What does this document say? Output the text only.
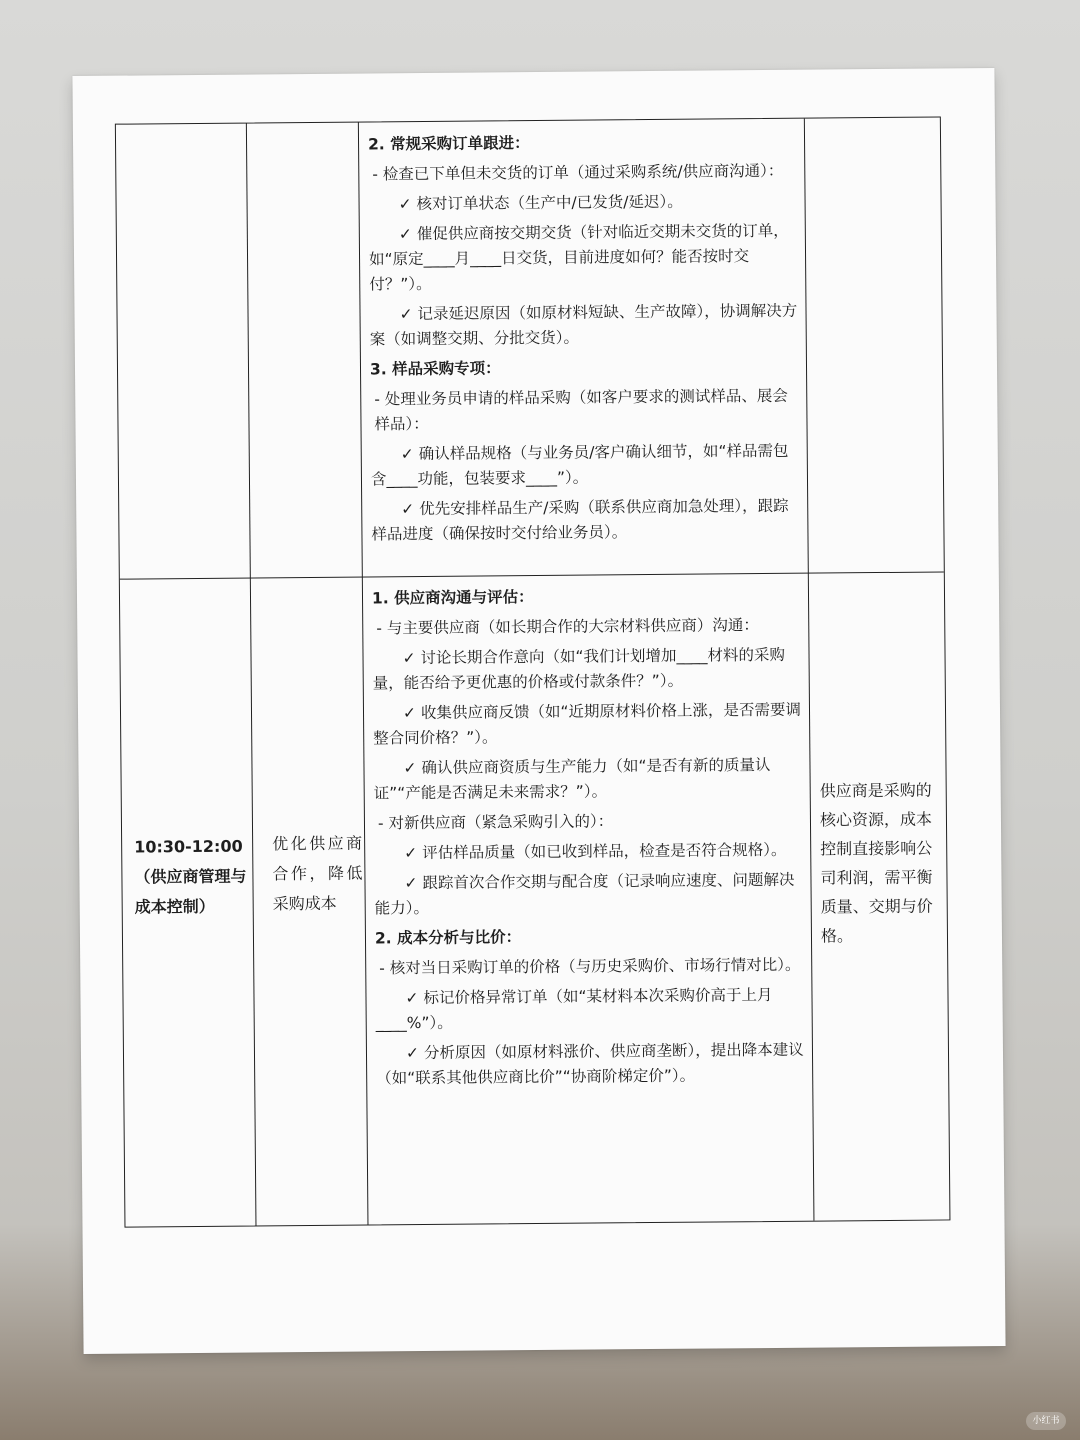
2. 常规采购订单跟进：

- 检查已下单但未交货的订单（通过采购系统/供应商沟通）：

✓ 核对订单状态（生产中/已发货/延迟）。

✓ 催促供应商按交期交货（针对临近交期未交货的订单，如“原定____月____日交货，目前进度如何？能否按时交付？”）。

✓ 记录延迟原因（如原材料短缺、生产故障），协调解决方案（如调整交期、分批交货）。

3. 样品采购专项：

- 处理业务员申请的样品采购（如客户要求的测试样品、展会样品）：

✓ 确认样品规格（与业务员/客户确认细节，如“样品需包含____功能，包装要求____”）。

✓ 优先安排样品生产/采购（联系供应商加急处理），跟踪样品进度（确保按时交付给业务员）。

10:30-12:00
（供应商管理与成本控制）
优化供应商合作，降低采购成本

1. 供应商沟通与评估：

- 与主要供应商（如长期合作的大宗材料供应商）沟通：

✓ 讨论长期合作意向（如“我们计划增加____材料的采购量，能否给予更优惠的价格或付款条件？”）。

✓ 收集供应商反馈（如“近期原材料价格上涨，是否需要调整合同价格？”）。

✓ 确认供应商资质与生产能力（如“是否有新的质量认证”“产能是否满足未来需求？”）。

- 对新供应商（紧急采购引入的）：

✓ 评估样品质量（如已收到样品，检查是否符合规格）。

✓ 跟踪首次合作交期与配合度（记录响应速度、问题解决能力）。

2. 成本分析与比价：

- 核对当日采购订单的价格（与历史采购价、市场行情对比）。

✓ 标记价格异常订单（如“某材料本次采购价高于上月____%”）。

✓ 分析原因（如原材料涨价、供应商垄断），提出降本建议（如“联系其他供应商比价”“协商阶梯定价”）。

供应商是采购的核心资源，成本控制直接影响公司利润，需平衡质量、交期与价格。
小红书
